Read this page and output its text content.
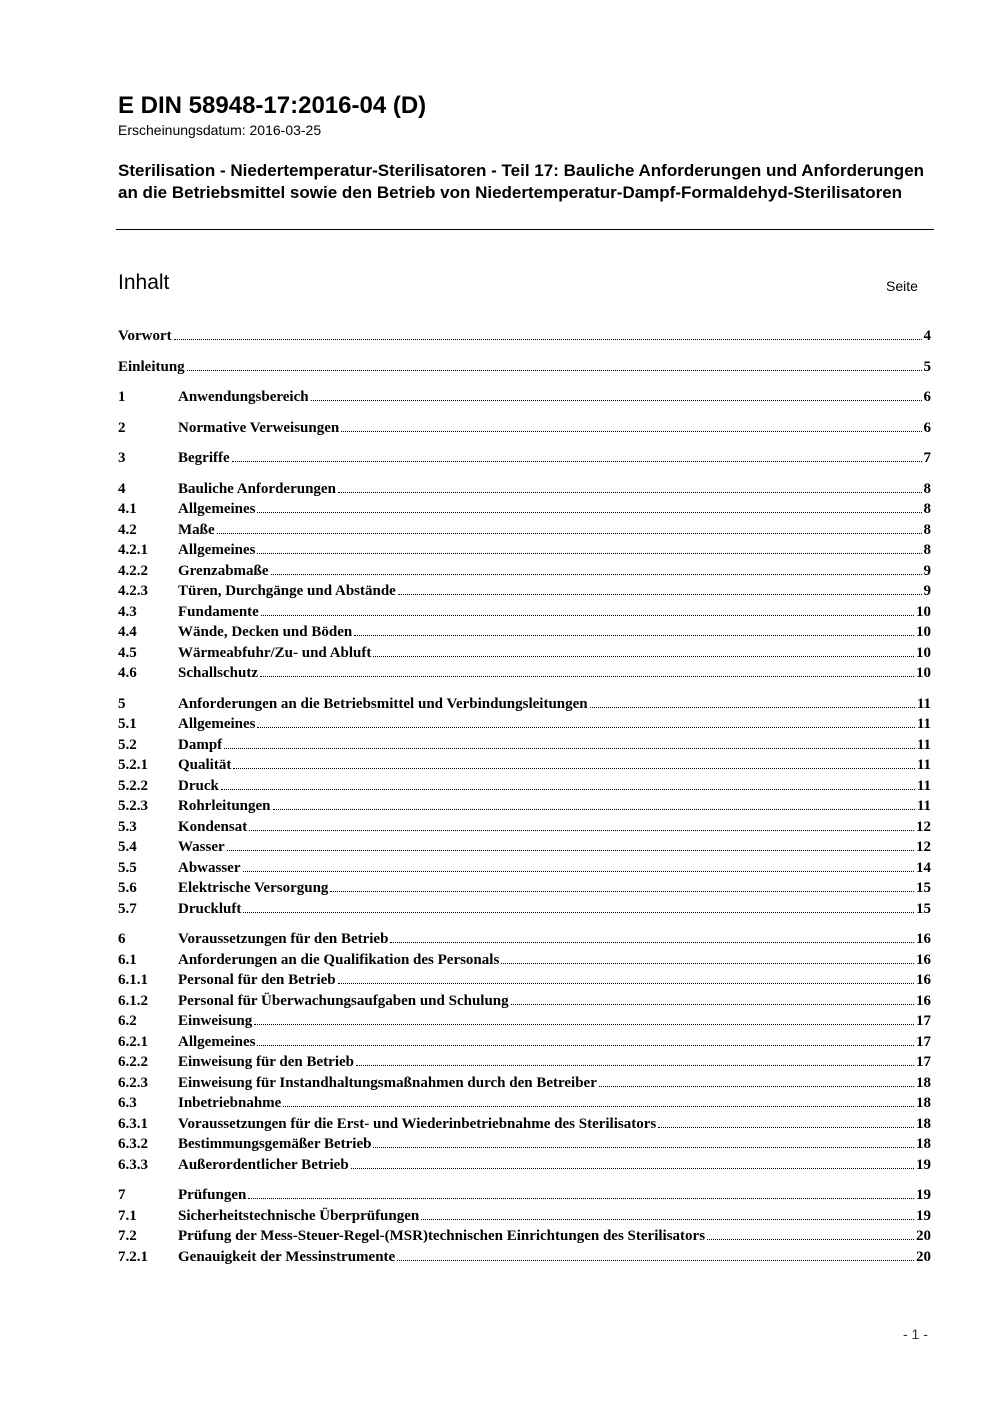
E DIN 58948-17:2016-04 (D)
Erscheinungsdatum: 2016-03-25
Sterilisation - Niedertemperatur-Sterilisatoren - Teil 17: Bauliche Anforderungen und Anforderungen an die Betriebsmittel sowie den Betrieb von Niedertemperatur-Dampf-Formaldehyd-Sterilisatoren
Inhalt	Seite
Vorwort	4
Einleitung	5
1	Anwendungsbereich	6
2	Normative Verweisungen	6
3	Begriffe	7
4	Bauliche Anforderungen	8
4.1	Allgemeines	8
4.2	Maße	8
4.2.1	Allgemeines	8
4.2.2	Grenzabmaße	9
4.2.3	Türen, Durchgänge und Abstände	9
4.3	Fundamente	10
4.4	Wände, Decken und Böden	10
4.5	Wärmeabfuhr/Zu- und Abluft	10
4.6	Schallschutz	10
5	Anforderungen an die Betriebsmittel und Verbindungsleitungen	11
5.1	Allgemeines	11
5.2	Dampf	11
5.2.1	Qualität	11
5.2.2	Druck	11
5.2.3	Rohrleitungen	11
5.3	Kondensat	12
5.4	Wasser	12
5.5	Abwasser	14
5.6	Elektrische Versorgung	15
5.7	Druckluft	15
6	Voraussetzungen für den Betrieb	16
6.1	Anforderungen an die Qualifikation des Personals	16
6.1.1	Personal für den Betrieb	16
6.1.2	Personal für Überwachungsaufgaben und Schulung	16
6.2	Einweisung	17
6.2.1	Allgemeines	17
6.2.2	Einweisung für den Betrieb	17
6.2.3	Einweisung für Instandhaltungsmaßnahmen durch den Betreiber	18
6.3	Inbetriebnahme	18
6.3.1	Voraussetzungen für die Erst- und Wiederinbetriebnahme des Sterilisators	18
6.3.2	Bestimmungsgemäßer Betrieb	18
6.3.3	Außerordentlicher Betrieb	19
7	Prüfungen	19
7.1	Sicherheitstechnische Überprüfungen	19
7.2	Prüfung der Mess-Steuer-Regel-(MSR)technischen Einrichtungen des Sterilisators	20
7.2.1	Genauigkeit der Messinstrumente	20
- 1 -
